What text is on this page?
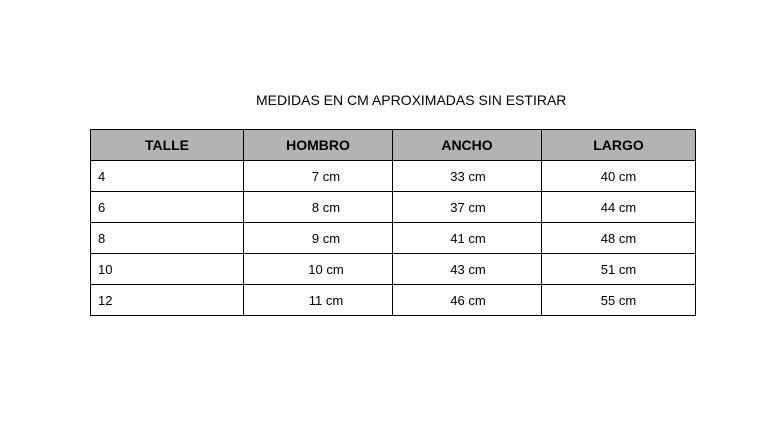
MEDIDAS EN CM APROXIMADAS SIN ESTIRAR
TALLE	HOMBRO	ANCHO	LARGO
4	7 cm	33 cm	40 cm
6	8 cm	37 cm	44 cm
8	9 cm	41 cm	48 cm
10	10 cm	43 cm	51 cm
12	11 cm	46 cm	55 cm
